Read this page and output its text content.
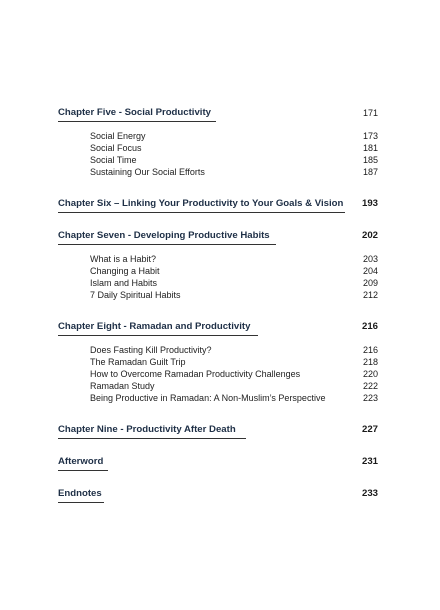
Chapter Five - Social Productivity	171
Social Energy	173
Social Focus	181
Social Time	185
Sustaining Our Social Efforts	187
Chapter Six – Linking Your Productivity to Your Goals & Vision 193
Chapter Seven - Developing Productive Habits	202
What is a Habit?	203
Changing a Habit	204
Islam and Habits	209
7 Daily Spiritual Habits	212
Chapter Eight - Ramadan and Productivity	216
Does Fasting Kill Productivity?	216
The Ramadan Guilt Trip	218
How to Overcome Ramadan Productivity Challenges	220
Ramadan Study	222
Being Productive in Ramadan: A Non-Muslim’s Perspective	223
Chapter Nine - Productivity After Death	227
Afterword	231
Endnotes	233
